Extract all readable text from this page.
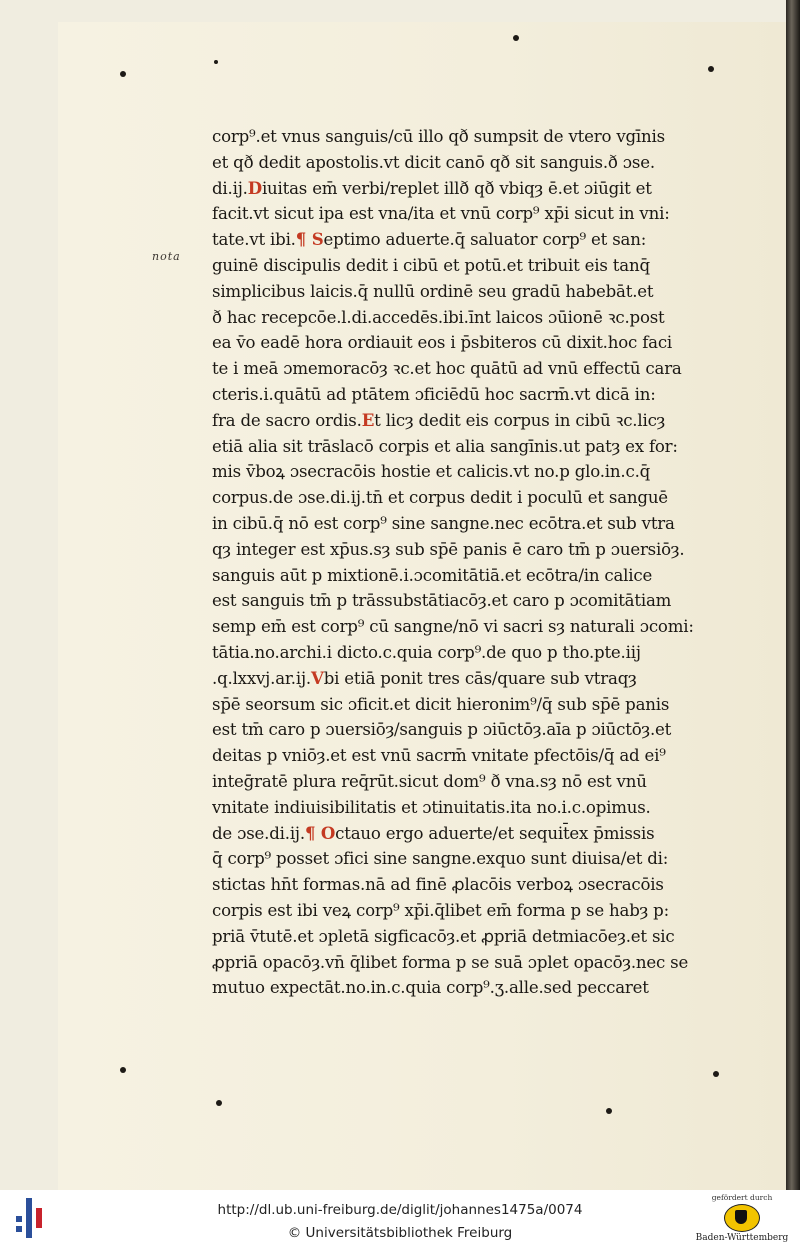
nota
corp⁹.et vnus sanguis/cū illo qð sumpsit de vtero vgīnis
et qð dedit apostolis.vt dicit canō qð sit sanguis.ð ɔse.
di.ij.Diuitas em̄ verbi/replet illð qð vbiqȝ ē.et ɔiūgit et
facit.vt sicut ipa est vna/ita et vnū corp⁹ xp̄i sicut in vni:
tate.vt ibi.¶ Septimo aduerte.q̄ saluator corp⁹ et san:
guinē discipulis dedit i cibū et potū.et tribuit eis tanq̄
simplicibus laicis.q̄ nullū ordinē seu gradū habebāt.et
ð hac recepcōe.l.di.accedēs.ibi.īnt laicos ɔūionē ꝛc.post
ea v̄o eadē hora ordiauit eos i p̄sbiteros cū dixit.hoc faci
te i meā ɔmemoracōȝ ꝛc.et hoc quātū ad vnū effectū cara
cteris.i.quātū ad ptātem ɔficiēdū hoc sacrm̄.vt dicā in:
fra de sacro ordis.Et licȝ dedit eis corpus in cibū ꝛc.licȝ
etiā alia sit trāslacō corpis et alia sangīnis.ut patȝ ex for:
mis v̄boꝝ ɔsecracōis hostie et calicis.vt no.p glo.in.c.q̄
corpus.de ɔse.di.ij.tn̄ et corpus dedit i poculū et sanguē
in cibū.q̄ nō est corp⁹ sine sangne.nec ecōtra.et sub vtra
qȝ integer est xp̄us.sȝ sub sp̄ē panis ē caro tm̄ p ɔuersiōȝ.
sanguis aūt p mixtionē.i.ɔcomitātiā.et ecōtra/in calice
est sanguis tm̄ p trāssubstātiacōȝ.et caro p ɔcomitātiam
semp em̄ est corp⁹ cū sangne/nō vi sacri sȝ naturali ɔcomi:
tātia.no.archi.i dicto.c.quia corp⁹.de quo p tho.pte.iij
.q.lxxvj.ar.ij.Vbi etiā ponit tres cās/quare sub vtraqȝ
sp̄ē seorsum sic ɔficit.et dicit hieronim⁹/q̄ sub sp̄ē panis
est tm̄ caro p ɔuersiōȝ/sanguis p ɔiūctōȝ.aīa p ɔiūctōȝ.et
deitas p vniōȝ.et est vnū sacrm̄ vnitate pfectōis/q̄ ad ei⁹
inteḡratē plura req̄rūt.sicut dom⁹ ð vna.sȝ nō est vnū
vnitate indiuisibilitatis et ɔtinuitatis.ita no.i.c.opimus.
de ɔse.di.ij.¶ Octauo ergo aduerte/et sequit̄ex p̄missis
q̄ corp⁹ posset ɔfici sine sangne.exquo sunt diuisa/et di:
stictas hn̄t formas.nā ad finē ꝓlacōis verboꝝ ɔsecracōis
corpis est ibi veꝝ corp⁹ xp̄i.q̄libet em̄ forma p se habȝ p:
priā v̄tutē.et ɔpletā sigficacōȝ.et ꝓpriā detmiacōeȝ.et sic
ꝓpriā opacōȝ.vn̄ q̄libet forma p se suā ɔplet opacōȝ.nec se
mutuo expectāt.no.in.c.quia corp⁹.ʒ.alle.sed peccaret
http://dl.ub.uni-freiburg.de/diglit/johannes1475a/0074
© Universitätsbibliothek Freiburg
gefördert durch
Baden-Württemberg
